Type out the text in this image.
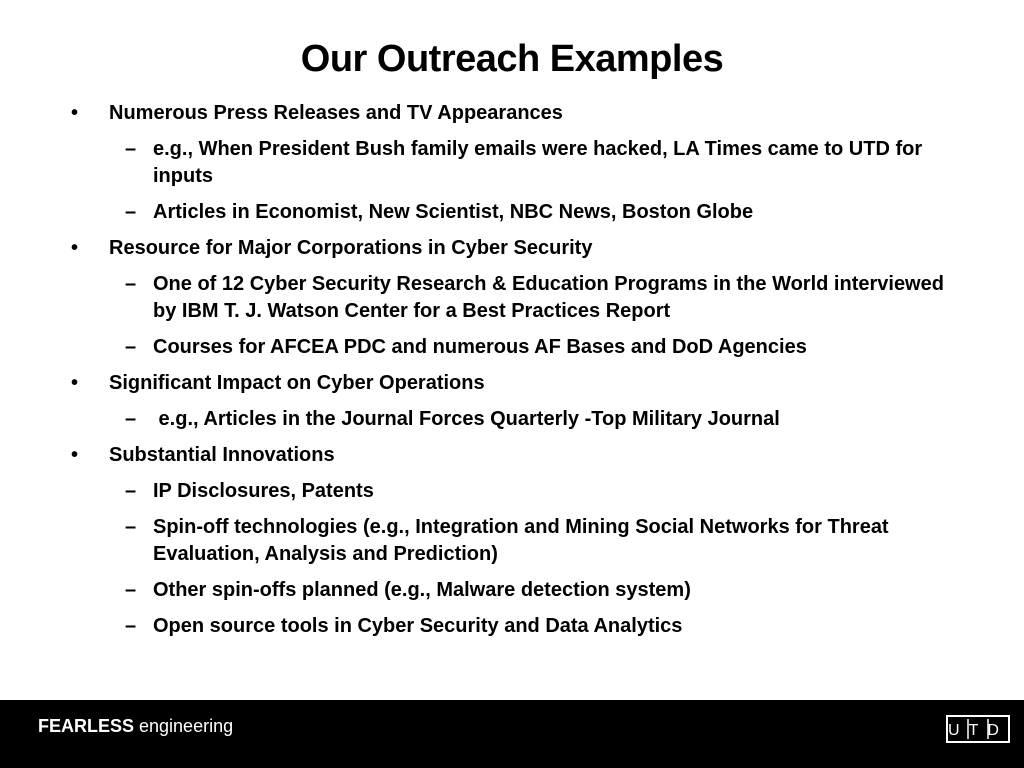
Our Outreach Examples
• Numerous Press Releases and TV Appearances
– e.g., When President Bush family emails were hacked, LA Times came to UTD for inputs
– Articles in Economist, New Scientist, NBC News, Boston Globe
• Resource for Major Corporations in Cyber Security
– One of 12 Cyber Security Research & Education Programs in the World interviewed by IBM T. J. Watson Center for a Best Practices Report
– Courses for AFCEA PDC and numerous AF Bases and DoD Agencies
• Significant Impact on Cyber Operations
– e.g., Articles in the Journal Forces Quarterly -Top Military Journal
• Substantial Innovations
– IP Disclosures, Patents
– Spin-off technologies (e.g., Integration and Mining Social Networks for Threat Evaluation, Analysis and Prediction)
– Other spin-offs planned (e.g., Malware detection system)
– Open source tools in Cyber Security and Data Analytics
FEARLESS engineering	UTD
